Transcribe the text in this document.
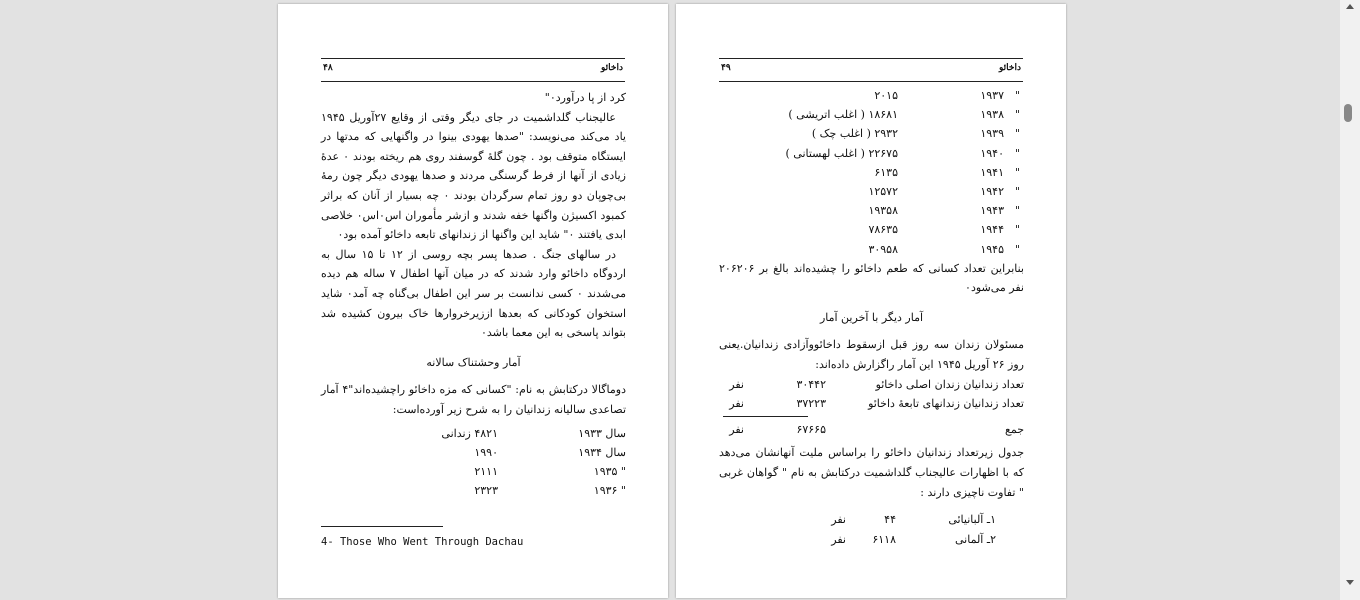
۴۸	داخائو

کرد از پا درآورد۰"

عالیجناب گلداشمیت در جای دیگر وقتی از وقایع ۲۷آوریل ۱۹۴۵ یاد می‌کند می‌نویسد: "صدها یهودی بینوا در واگنهایی که مدتها در ایستگاه متوقف بود . چون گلهٔ گوسفند روی هم ریخته بودند ۰ عدهٔ زیادی از آنها از فرط گرسنگی مردند و صدها یهودی دیگر چون رمهٔ بی‌چوپان دو روز تمام سرگردان بودند ۰ چه بسیار از آنان که براثر کمبود اکسیژن واگنها خفه شدند و ازشر مأموران اس۰اس۰ خلاصی ابدی یافتند ۰" شاید این واگنها از زندانهای تابعه داخائو آمده بود۰

در سالهای جنگ . صدها پسر بچه روسی از ۱۲ تا ۱۵ سال به اردوگاه داخائو وارد شدند که در میان آنها اطفال ۷ ساله هم دیده می‌شدند ۰ کسی ندانست بر سر این اطفال بی‌گناه چه آمد۰ شاید استخوان کودکانی که بعدها اززیرخروارها خاک بیرون کشیده شد بتواند پاسخی به این معما باشد۰

آمار وحشتناک سالانه

دوماگالا درکتابش به نام: "کسانی که مزه داخائو راچشیده‌اند"۴ آمار تصاعدی سالیانه زندانیان را به شرح زیر آورده‌است:

سال ۱۹۳۳
۴۸۲۱ زندانی
سال ۱۹۳۴
۱۹۹۰
" ۱۹۳۵
۲۱۱۱
" ۱۹۳۶
۲۳۲۳
4- Those Who Went Through Dachau
۴۹	داخائو
"
۱۹۳۷
۲۰۱۵
"
۱۹۳۸
۱۸۶۸۱ ( اغلب اتریشی )
"
۱۹۳۹
۲۹۳۲ ( اغلب چک )
"
۱۹۴۰
۲۲۶۷۵ ( اغلب لهستانی )
"
۱۹۴۱
۶۱۳۵
"
۱۹۴۲
۱۲۵۷۲
"
۱۹۴۳
۱۹۳۵۸
"
۱۹۴۴
۷۸۶۳۵
"
۱۹۴۵
۳۰۹۵۸

بنابراین تعداد کسانی که طعم داخائو را چشیده‌اند بالغ بر ۲۰۶۲۰۶ نفر می‌شود۰

آمار دیگر با آخرین آمار

مسئولان زندان سه روز قبل ازسقوط داخائووآزادی زندانیان.یعنی روز ۲۶ آوریل ۱۹۴۵ این آمار راگزارش داده‌اند:

تعداد زندانیان زندان اصلی داخائو
۳۰۴۴۲
نفر
تعداد زندانیان زندانهای تابعهٔ داخائو
۳۷۲۲۳
نفر
جمع
۶۷۶۶۵
نفر

جدول زیرتعداد زندانیان داخائو را براساس ملیت آنها‌نشان می‌دهد که با اظهارات عالیجناب گلداشمیت درکتابش به نام " گواهان غربی " تفاوت ناچیزی دارند :

۱ـ آلبانیائی
۴۴
نفر
۲ـ آلمانی
۶۱۱۸
نفر
